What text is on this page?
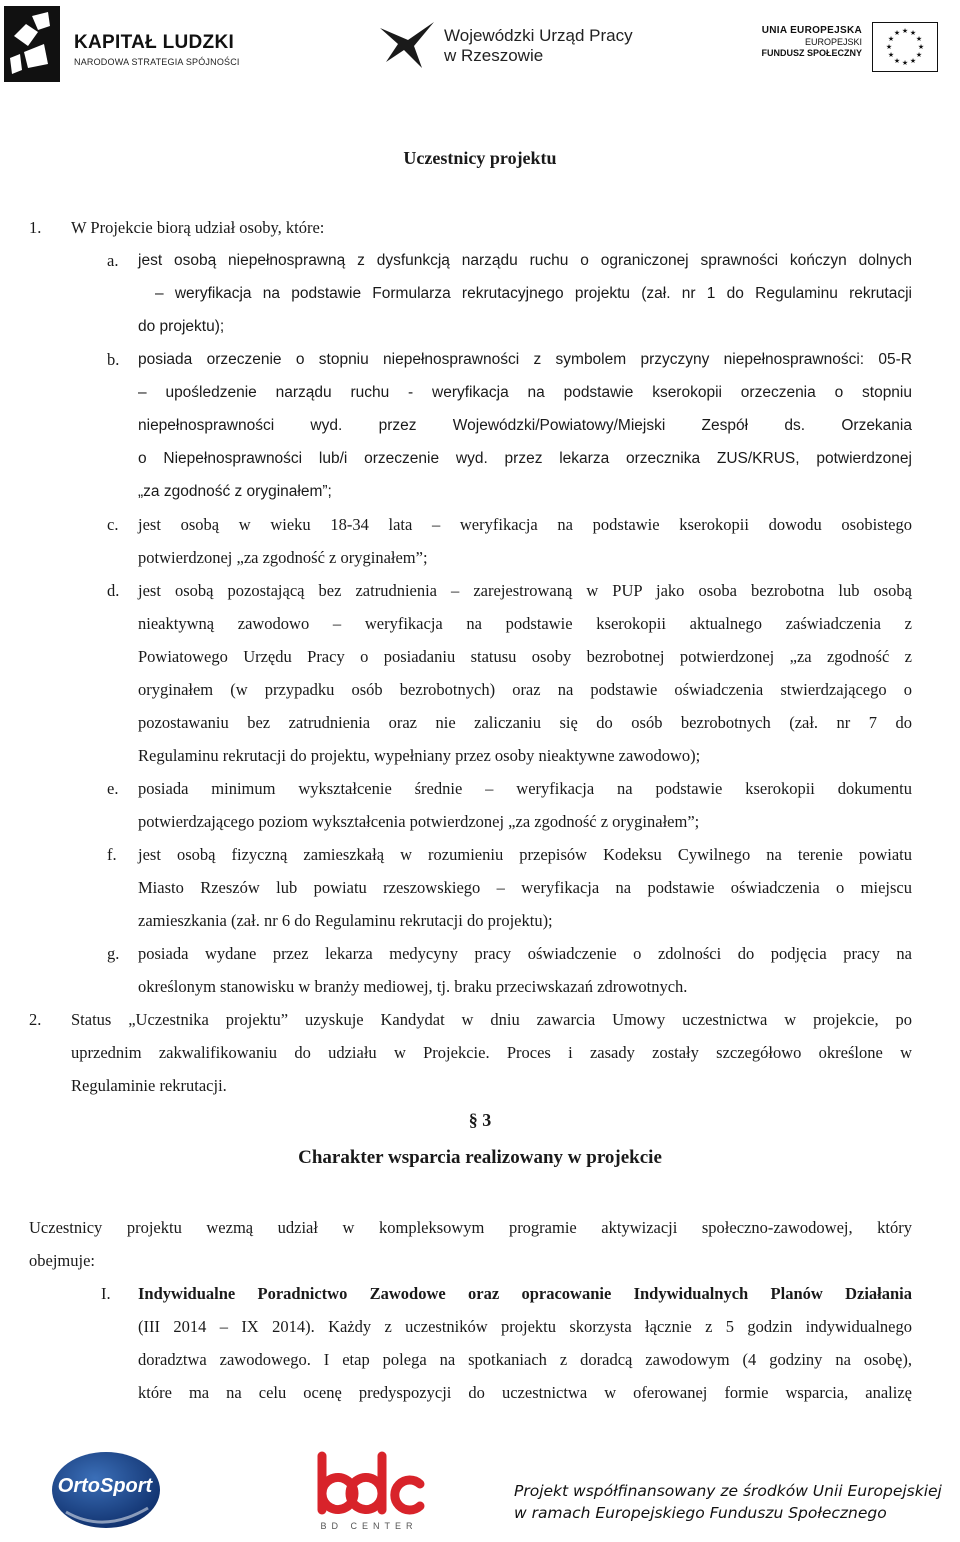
KAPITAŁ LUDZKI
NARODOWA STRATEGIA SPÓJNOŚCI
Wojewódzki Urząd Pracy
w Rzeszowie
UNIA EUROPEJSKA
EUROPEJSKI
FUNDUSZ SPOŁECZNY
★ ★
★
★
★
★
★
★
★
★
★
★
Uczestnicy projektu
1. W Projekcie biorą udział osoby, które:
a. jest osobą niepełnosprawną z dysfunkcją narządu ruchu o ograniczonej sprawności kończyn dolnych
– weryfikacja na podstawie Formularza rekrutacyjnego projektu (zał. nr 1 do Regulaminu rekrutacji
do projektu);
b. posiada orzeczenie o stopniu niepełnosprawności z symbolem przyczyny niepełnosprawności: 05-R
– upośledzenie narządu ruchu - weryfikacja na podstawie kserokopii orzeczenia o stopniu
niepełnosprawności wyd. przez Wojewódzki/Powiatowy/Miejski Zespół ds. Orzekania
o Niepełnosprawności lub/i orzeczenie wyd. przez lekarza orzecznika ZUS/KRUS, potwierdzonej
„za zgodność z oryginałem”;
c. jest osobą w wieku 18-34 lata – weryfikacja na podstawie kserokopii dowodu osobistego
potwierdzonej „za zgodność z oryginałem”;
d. jest osobą pozostającą bez zatrudnienia – zarejestrowaną w PUP jako osoba bezrobotna lub osobą
nieaktywną zawodowo – weryfikacja na podstawie kserokopii aktualnego zaświadczenia z
Powiatowego Urzędu Pracy o posiadaniu statusu osoby bezrobotnej potwierdzonej „za zgodność z
oryginałem (w przypadku osób bezrobotnych) oraz na podstawie oświadczenia stwierdzającego o
pozostawaniu bez zatrudnienia oraz nie zaliczaniu się do osób bezrobotnych (zał. nr 7 do
Regulaminu rekrutacji do projektu, wypełniany przez osoby nieaktywne zawodowo);
e. posiada minimum wykształcenie średnie – weryfikacja na podstawie kserokopii dokumentu
potwierdzającego poziom wykształcenia potwierdzonej „za zgodność z oryginałem”;
f. jest osobą fizyczną zamieszkałą w rozumieniu przepisów Kodeksu Cywilnego na terenie powiatu
Miasto Rzeszów lub powiatu rzeszowskiego – weryfikacja na podstawie oświadczenia o miejscu
zamieszkania (zał. nr 6 do Regulaminu rekrutacji do projektu);
g. posiada wydane przez lekarza medycyny pracy oświadczenie o zdolności do podjęcia pracy na
określonym stanowisku w branży mediowej, tj. braku przeciwskazań zdrowotnych.
2. Status „Uczestnika projektu” uzyskuje Kandydat w dniu zawarcia Umowy uczestnictwa w projekcie, po
uprzednim zakwalifikowaniu do udziału w Projekcie. Proces i zasady zostały szczegółowo określone w
Regulaminie rekrutacji.
§ 3
Charakter wsparcia realizowany w projekcie
Uczestnicy projektu wezmą udział w kompleksowym programie aktywizacji społeczno-zawodowej, który
obejmuje:
I. Indywidualne Poradnictwo Zawodowe oraz opracowanie Indywidualnych Planów Działania
(III 2014 – IX 2014). Każdy z uczestników projektu skorzysta łącznie z 5 godzin indywidualnego
doradztwa zawodowego. I etap polega na spotkaniach z doradcą zawodowym (4 godziny na osobę),
które ma na celu ocenę predyspozycji do uczestnictwa w oferowanej formie wsparcia, analizę
OrtoSport
BD CENTER
Projekt współfinansowany ze środków Unii Europejskiej
w ramach Europejskiego Funduszu Społecznego
